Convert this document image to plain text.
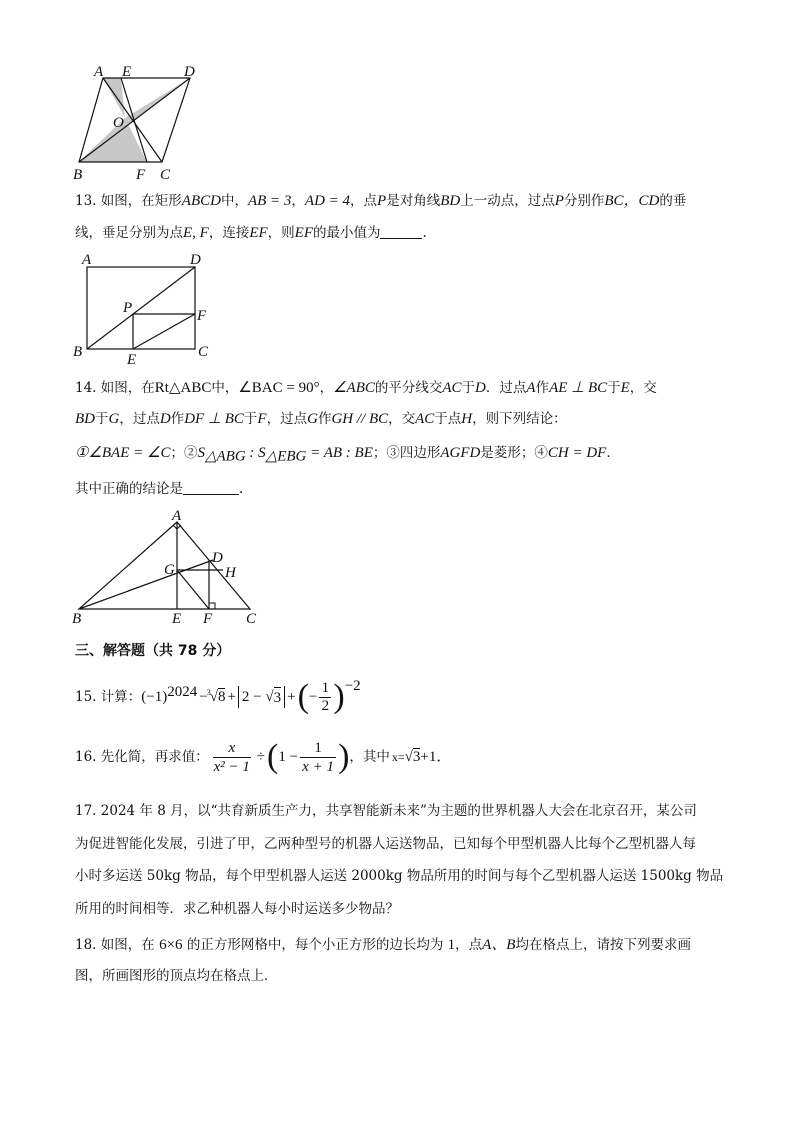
A E	D
O
B	F C
13. 如图，在矩形ABCD中，AB = 3，AD = 4，点P是对角线BD上一动点，过点P分别作BC，CD的垂
线，垂足分别为点E, F，连接EF，则EF的最小值为	.
A	D
P	F
B	E	C
14. 如图，在Rt△ABC中，∠BAC = 90°，∠ABC的平分线交AC于D．过点A作AE ⊥ BC于E，交
BD于G，过点D作DF ⊥ BC于F，过点G作GH // BC，交AC于点H，则下列结论：
①∠BAE = ∠C；$②S_{\triangle ABG}$ : $S_{\triangle EBG}$ = AB : BE；③四边形AGFD是菱形；④CH = DF．
其中正确的结论是	.
A
D
G	H
B	E F C
三、解答题（共 78 分）
15.
计算： (−1) 2024 − 3 √8 + 2 − √ 3 + ( −
1
2 ) −2
16.
先化简，再求值：
x
x² − 1
÷ ( 1 −
1
x + 1 ) ，其中 x= √3 +1．
17. 2024 年 8 月，以“共育新质生产力，共享智能新未来”为主题的世界机器人大会在北京召开，某公司
为促进智能化发展，引进了甲，乙两种型号的机器人运送物品，已知每个甲型机器人比每个乙型机器人每
小时多运送 50kg 物品，每个甲型机器人运送 2000kg 物品所用的时间与每个乙型机器人运送 1500kg 物品
所用的时间相等．求乙种机器人每小时运送多少物品？
18. 如图，在 6×6 的正方形网格中，每个小正方形的边长均为 1，点A、B均在格点上，请按下列要求画
图，所画图形的顶点均在格点上．
